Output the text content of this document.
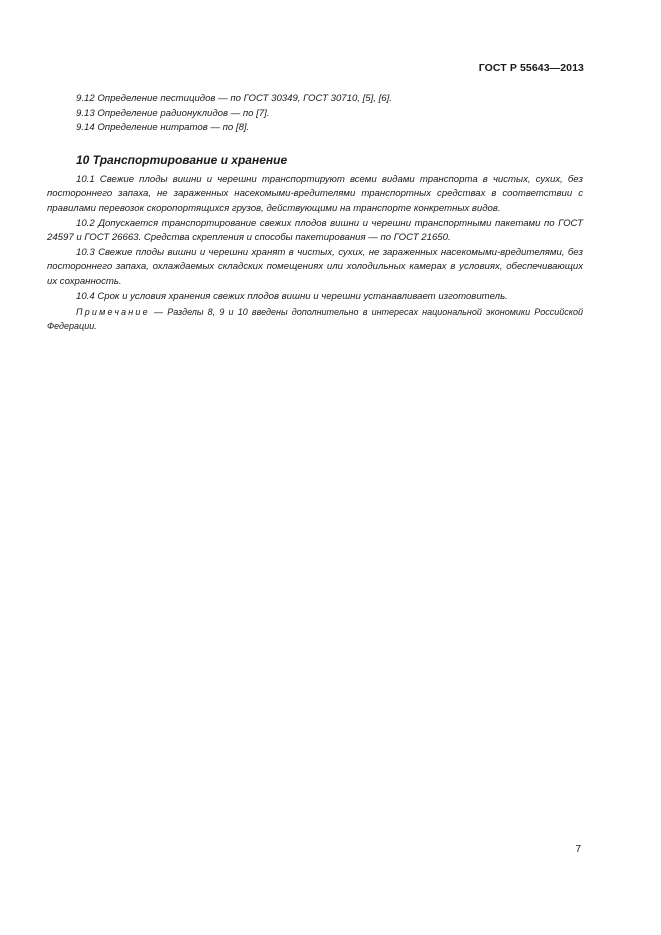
ГОСТ Р 55643—2013

9.12 Определение пестицидов — по ГОСТ 30349, ГОСТ 30710, [5], [6].

9.13 Определение радионуклидов — по [7].

9.14 Определение нитратов — по [8].

10 Транспортирование и хранение

10.1 Свежие плоды вишни и черешни транспортируют всеми видами транспорта в чистых, сухих, без постороннего запаха, не зараженных насекомыми-вредителями транспортных средствах в соответствии с правилами перевозок скоропортящихся грузов, действующими на транспорте конкретных видов.

10.2 Допускается транспортирование свежих плодов вишни и черешни транспортными пакетами по ГОСТ 24597 и ГОСТ 26663. Средства скрепления и способы пакетирования — по ГОСТ 21650.

10.3 Свежие плоды вишни и черешни хранят в чистых, сухих, не зараженных насекомыми-вредителями, без постороннего запаха, охлаждаемых складских помещениях или холодильных камерах в условиях, обеспечивающих их сохранность.

10.4 Срок и условия хранения свежих плодов вишни и черешни устанавливает изготовитель.

Примечание — Разделы 8, 9 и 10 введены дополнительно в интересах национальной экономики Российской Федерации.

7
